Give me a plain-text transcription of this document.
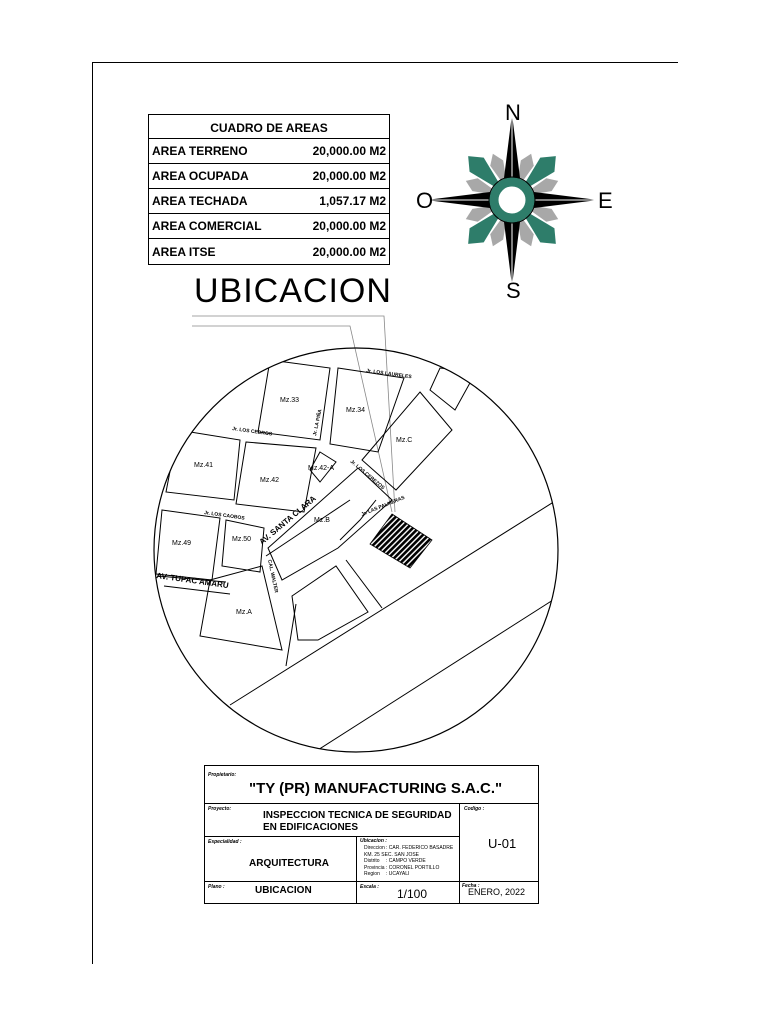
CUADRO DE AREAS
AREA TERRENO	20,000.00 M2
AREA OCUPADA	20,000.00 M2
AREA TECHADA	1,057.17 M2
AREA COMERCIAL	20,000.00 M2
AREA ITSE	20,000.00 M2
N
S
E
O
UBICACION
Mz.33
Mz.34
Mz.C
Mz.41
Mz.42
Mz.42-A
Mz.B
Mz.49
Mz.50
Mz.A
Jr. LOS LAURELES
Jr. LOS CEDROS	Jr. LA PIÑA
Jr. LOS CEREZOS
Jr. LOS CAOBOS	Jr. LAS PALMERAS
CAL. WALTER
AV. SANTA CLARA
AV. TUPAC AMARU
Propietario:
"TY (PR) MANUFACTURING S.A.C."
Proyecto:
INSPECCION TECNICA DE SEGURIDAD
EN EDIFICACIONES
Codigo :
U-01
Especialidad :
ARQUITECTURA
Ubicacion :
Direccion : CAR. FEDERICO BASADRE
KM. 25 SEC. SAN JOSE
Distrito	: CAMPO VERDE
Provincia : CORONEL PORTILLO
Region	: UCAYALI
Plano :	UBICACION	Escala : 1/100
Fecha :
ENERO, 2022
